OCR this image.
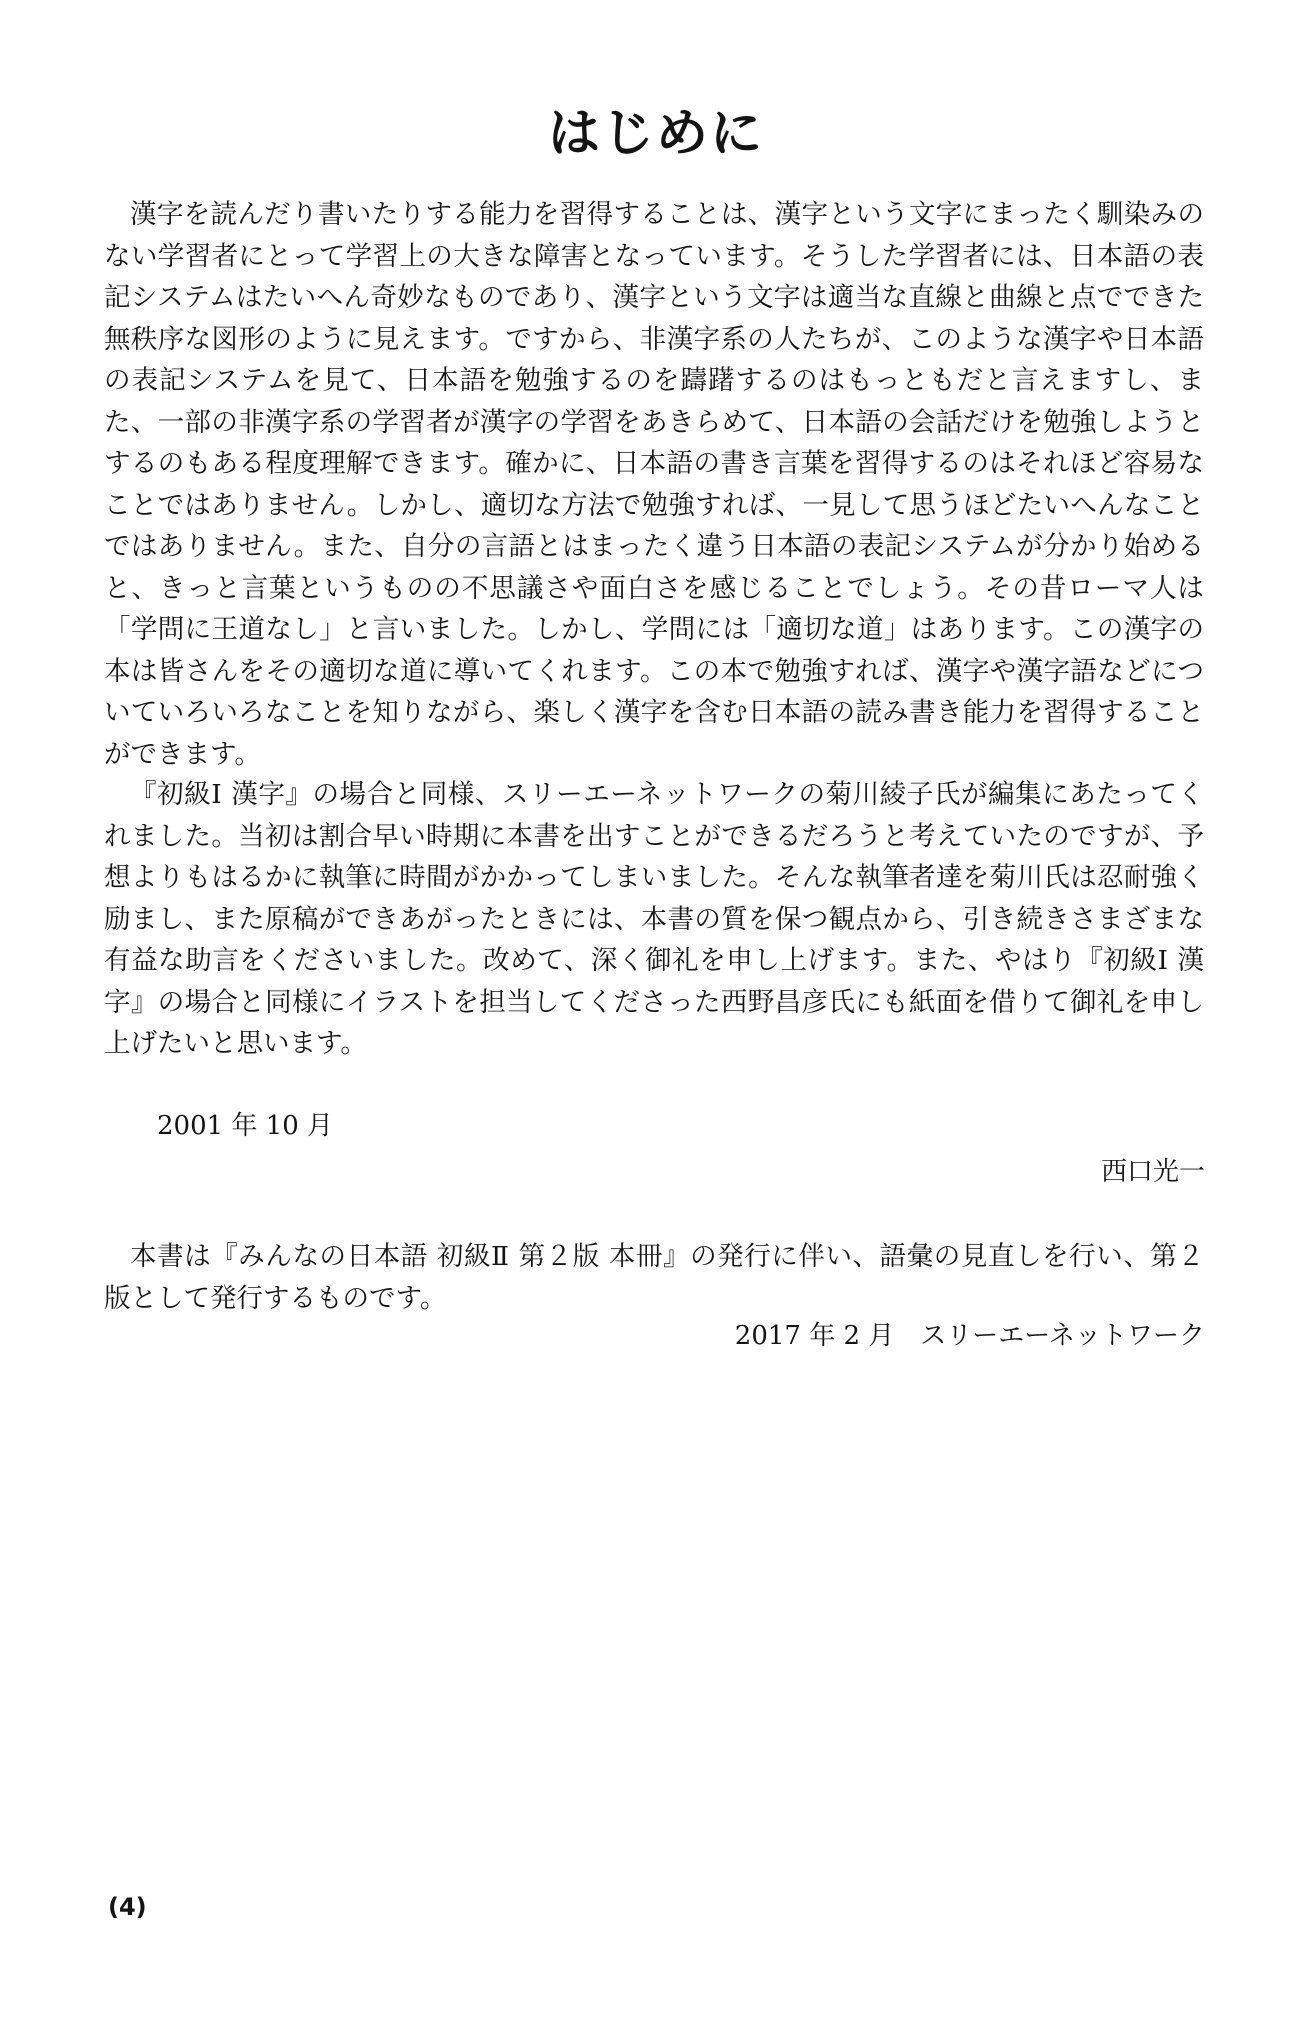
はじめに

漢字を読んだり書いたりする能力を習得することは、漢字という文字にまったく馴染みのない学習者にとって学習上の大きな障害となっています。そうした学習者には、日本語の表記システムはたいへん奇妙なものであり、漢字という文字は適当な直線と曲線と点でできた無秩序な図形のように見えます。ですから、非漢字系の人たちが、このような漢字や日本語の表記システムを見て、日本語を勉強するのを躊躇するのはもっともだと言えますし、また、一部の非漢字系の学習者が漢字の学習をあきらめて、日本語の会話だけを勉強しようとするのもある程度理解できます。確かに、日本語の書き言葉を習得するのはそれほど容易なことではありません。しかし、適切な方法で勉強すれば、一見して思うほどたいへんなことではありません。また、自分の言語とはまったく違う日本語の表記システムが分かり始めると、きっと言葉というものの不思議さや面白さを感じることでしょう。その昔ローマ人は「学問に王道なし」と言いました。しかし、学問には「適切な道」はあります。この漢字の本は皆さんをその適切な道に導いてくれます。この本で勉強すれば、漢字や漢字語などについていろいろなことを知りながら、楽しく漢字を含む日本語の読み書き能力を習得することができます。

『初級Ⅰ 漢字』の場合と同様、スリーエーネットワークの菊川綾子氏が編集にあたってくれました。当初は割合早い時期に本書を出すことができるだろうと考えていたのですが、予想よりもはるかに執筆に時間がかかってしまいました。そんな執筆者達を菊川氏は忍耐強く励まし、また原稿ができあがったときには、本書の質を保つ観点から、引き続きさまざまな有益な助言をくださいました。改めて、深く御礼を申し上げます。また、やはり『初級Ⅰ 漢字』の場合と同様にイラストを担当してくださった西野昌彦氏にも紙面を借りて御礼を申し上げたいと思います。

2001 年 10 月

西口光一

本書は『みんなの日本語 初級Ⅱ 第２版 本冊』の発行に伴い、語彙の見直しを行い、第２版として発行するものです。

2017 年 2 月　スリーエーネットワーク

(4)
